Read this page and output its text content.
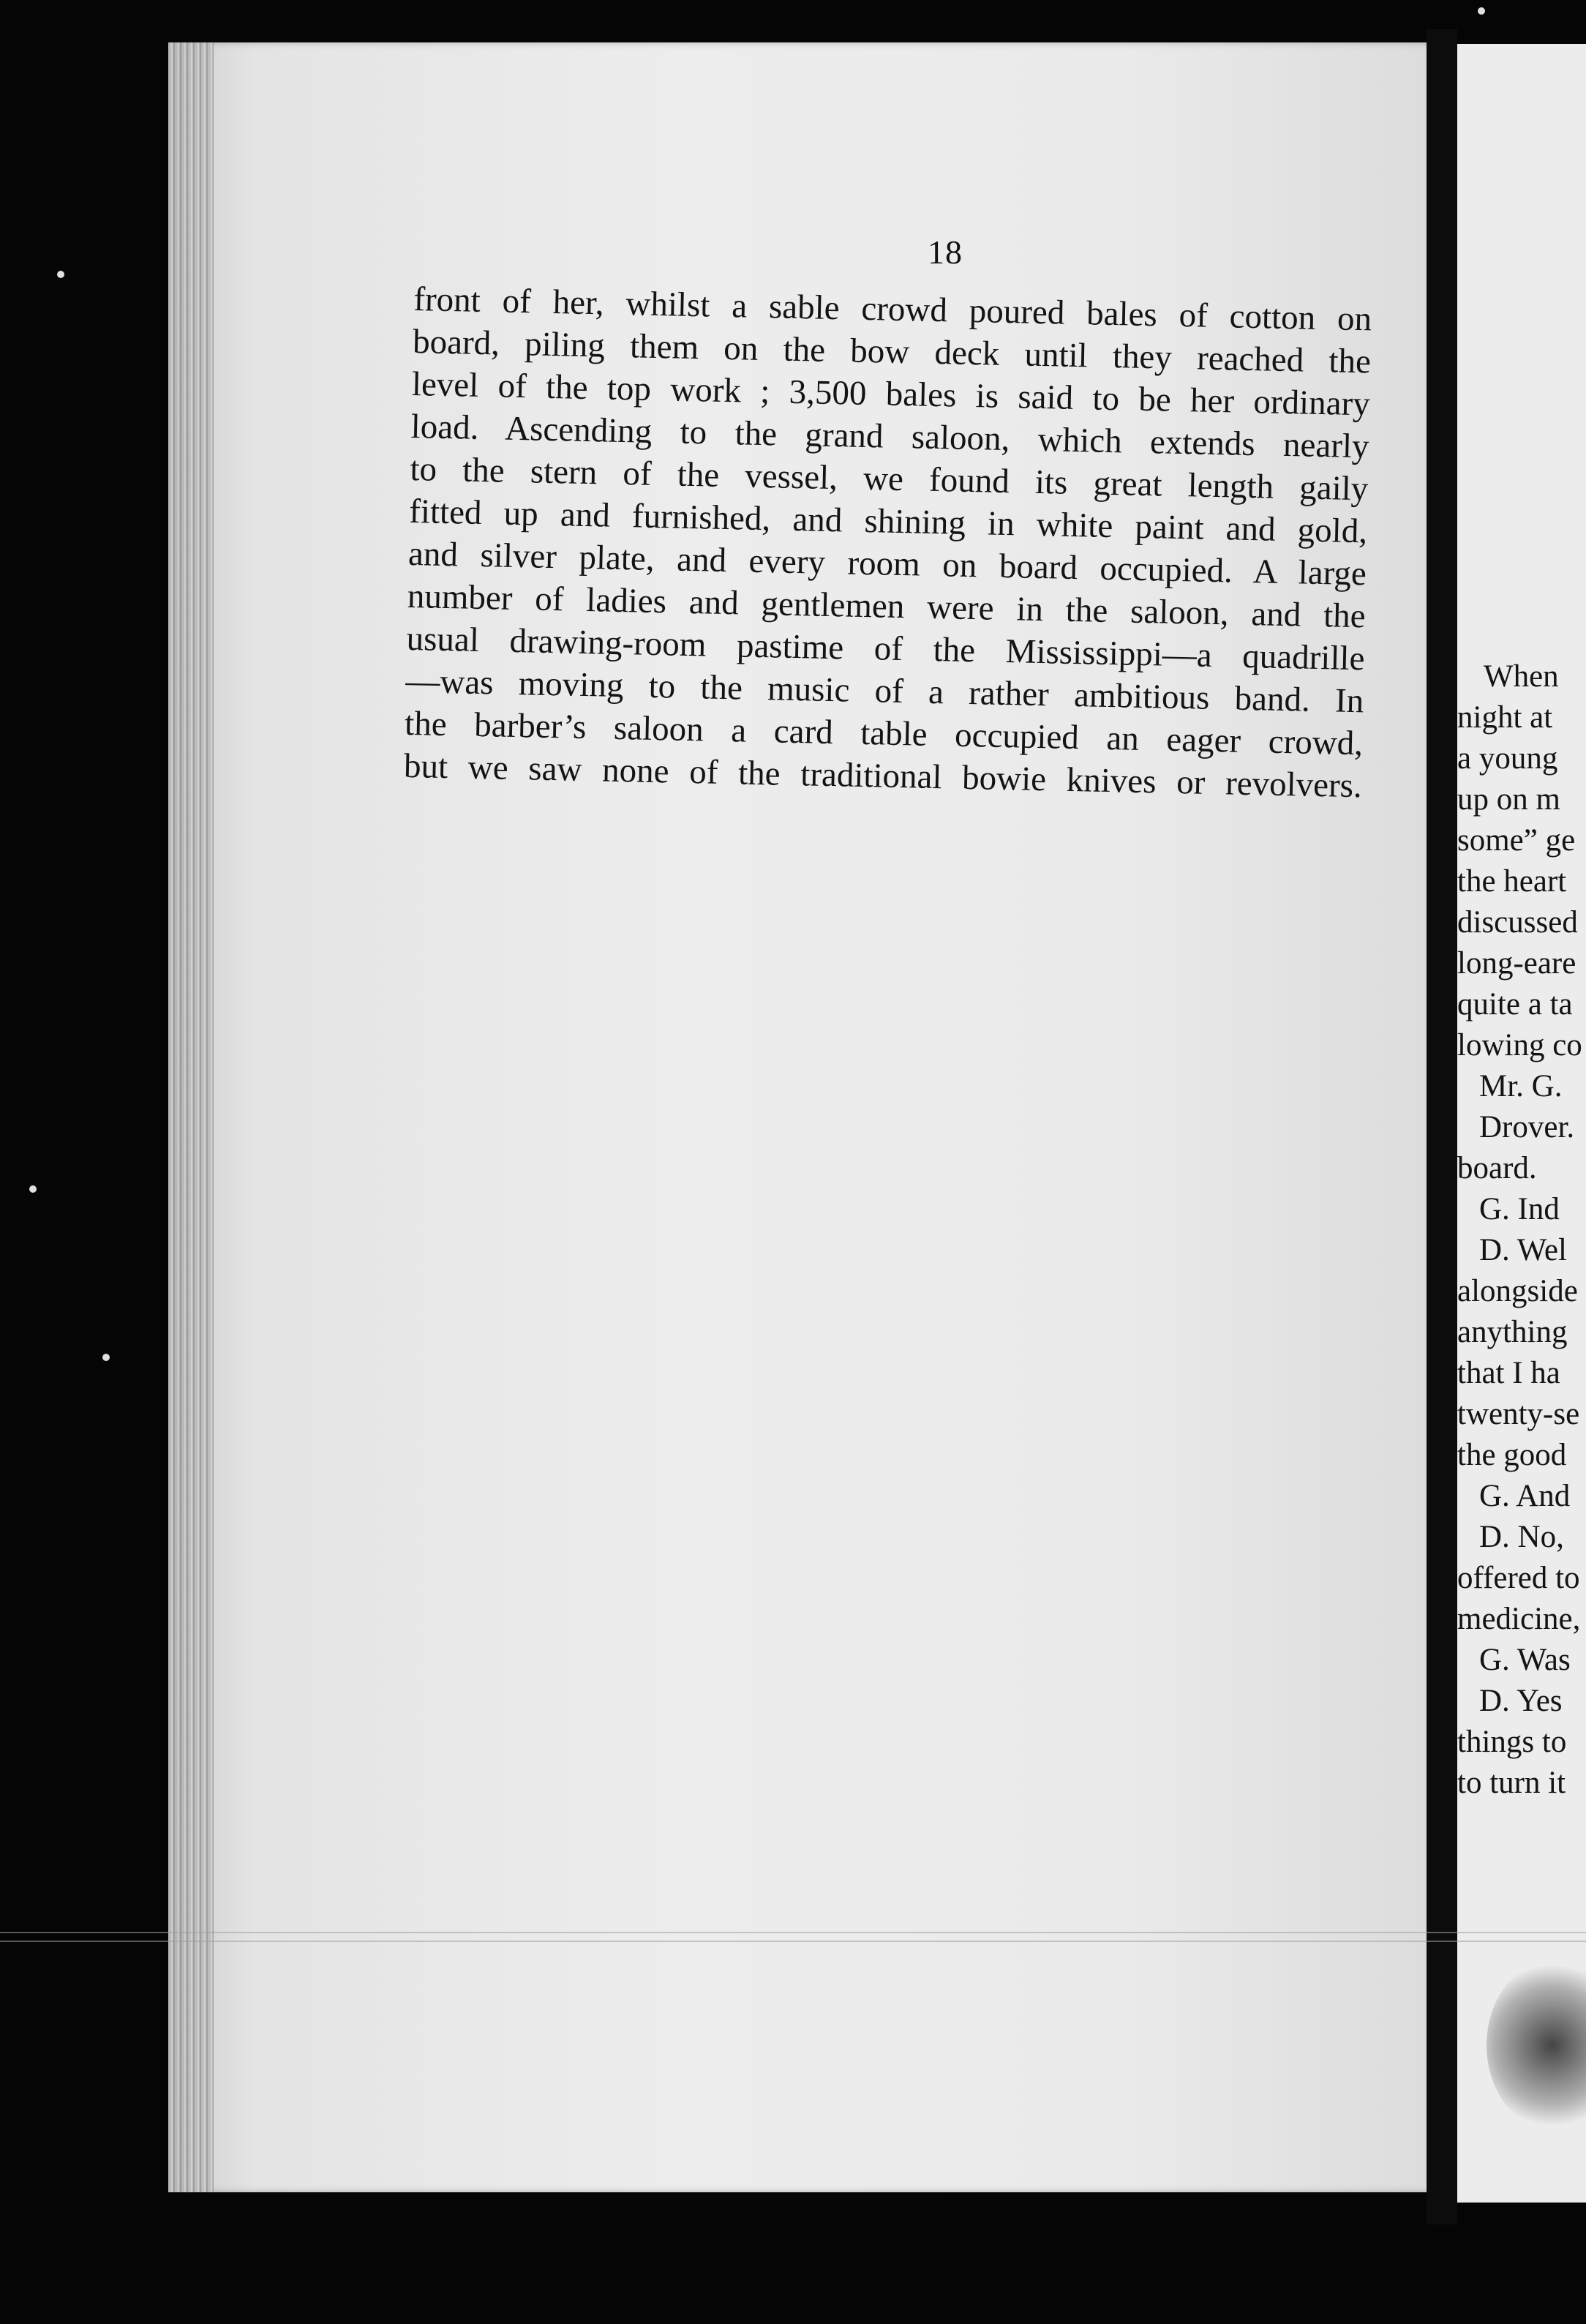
18
front of her, whilst a sable crowd poured bales of cotton on
board, piling them on the bow deck until they reached the
level of the top work ; 3,500 bales is said to be her ordinary
load. Ascending to the grand saloon, which extends nearly
to the stern of the vessel, we found its great length gaily
fitted up and furnished, and shining in white paint and gold,
and silver plate, and every room on board occupied. A large
number of ladies and gentlemen were in the saloon, and the
usual drawing-room pastime of the Mississippi—a quadrille
—was moving to the music of a rather ambitious band. In
the barber’s saloon a card table occupied an eager crowd,
but we saw none of the traditional bowie knives or revolvers.
When
night at
a young
up on m
some” ge
the heart
discussed
long-eare
quite a ta
lowing co
Mr. G.
Drover.
board.
G. Ind
D. Wel
alongside
anything
that I ha
twenty-se
the good
G. And
D. No,
offered to
medicine,
G. Was
D. Yes
things to
to turn it
